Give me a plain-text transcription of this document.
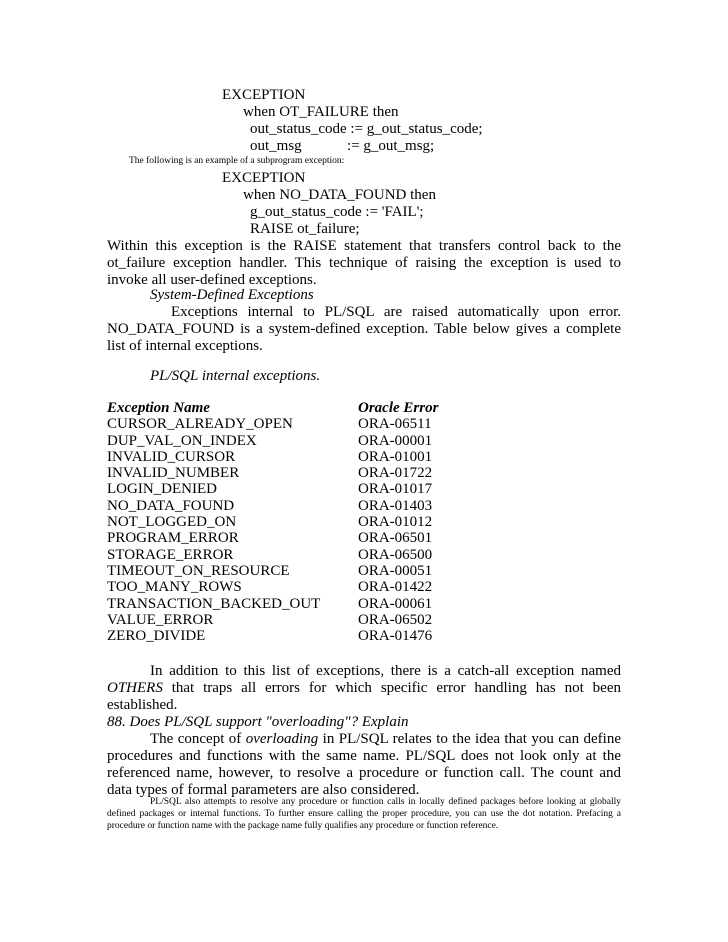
EXCEPTION
when OT_FAILURE then
out_status_code := g_out_status_code;
out_msg	:= g_out_msg;
The following is an example of a subprogram exception:
EXCEPTION
when NO_DATA_FOUND then
g_out_status_code := 'FAIL';
RAISE ot_failure;

Within this exception is the RAISE statement that transfers control back to the ot_failure exception handler. This technique of raising the exception is used to invoke all user-defined exceptions.

System-Defined Exceptions

Exceptions internal to PL/SQL are raised automatically upon error. NO_DATA_FOUND is a system-defined exception. Table below gives a complete list of internal exceptions.

PL/SQL internal exceptions.
Exception Name	Oracle Error
CURSOR_ALREADY_OPEN	ORA-06511
DUP_VAL_ON_INDEX	ORA-00001
INVALID_CURSOR	ORA-01001
INVALID_NUMBER	ORA-01722
LOGIN_DENIED	ORA-01017
NO_DATA_FOUND	ORA-01403
NOT_LOGGED_ON	ORA-01012
PROGRAM_ERROR	ORA-06501
STORAGE_ERROR	ORA-06500
TIMEOUT_ON_RESOURCE	ORA-00051
TOO_MANY_ROWS	ORA-01422
TRANSACTION_BACKED_OUT	ORA-00061
VALUE_ERROR	ORA-06502
ZERO_DIVIDE	ORA-01476

In addition to this list of exceptions, there is a catch-all exception named OTHERS that traps all errors for which specific error handling has not been established.

88. Does PL/SQL support "overloading"? Explain

The concept of overloading in PL/SQL relates to the idea that you can define procedures and functions with the same name. PL/SQL does not look only at the referenced name, however, to resolve a procedure or function call. The count and data types of formal parameters are also considered.

PL/SQL also attempts to resolve any procedure or function calls in locally defined packages before looking at globally defined packages or internal functions. To further ensure calling the proper procedure, you can use the dot notation. Prefacing a procedure or function name with the package name fully qualifies any procedure or function reference.
